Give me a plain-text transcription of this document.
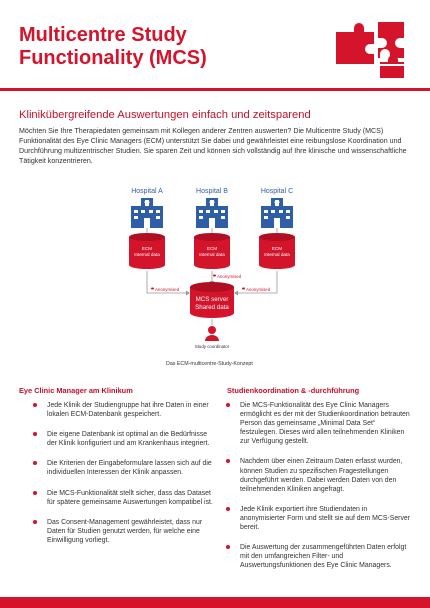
Multicentre Study
Functionality (MCS)
Klinikübergreifende Auswertungen einfach und zeitsparend
Möchten Sie Ihre Therapiedaten gemeinsam mit Kollegen anderer Zentren auswerten? Die Multicentre Study (MCS) Funktionalität des Eye Clinic Managers (ECM) unterstützt Sie dabei und gewährleistet eine reibungslose Koordination und Durchführung multizentrischer Studien. Sie sparen Zeit und können sich vollständig auf Ihre klinische und wissenschaftliche Tätigkeit konzentrieren.
Hospital A	Hospital B	Hospital C
ECM
Internal data
ECM
Internal data
ECM
Internal data
Anonymised
Anonymised	Anonymised
MCS server
Shared data
Study coordinator
Das ECM-multicentre-Study-Konzept
Eye Clinic Manager am Klinikum
Jede Klinik der Studiengruppe hat ihre Daten in einer lokalen ECM-Datenbank gespeichert.
Die eigene Datenbank ist optimal an die Bedürfnisse der Klinik konfiguriert und am Krankenhaus integriert.
Die Kriterien der Eingabeformulare lassen sich auf die individuellen Interessen der Klinik anpassen.
Die MCS-Funktionalität stellt sicher, dass das Dataset für spätere gemeinsame Auswertungen kompatibel ist.
Das Consent-Management gewährleistet, dass nur Daten für Studien genutzt werden, für welche eine Einwilligung vorliegt.
Studienkoordination & -durchführung
Die MCS-Funktionalität des Eye Clinic Managers ermöglicht es der mit der Studienkoordination betrauten Person das gemeinsame „Minimal Data Set“ festzulegen. Dieses wird allen teilnehmenden Kliniken zur Verfügung gestellt.
Nachdem über einen Zeitraum Daten erfasst wurden, können Studien zu spezifischen Fragestellungen durchgeführt werden. Dabei werden Daten von den teilnehmenden Kliniken angefragt.
Jede Klinik exportiert ihre Studiendaten in anonymisierter Form und stellt sie auf dem MCS-Server bereit.
Die Auswertung der zusammengeführten Daten erfolgt mit den umfangreichen Filter- und Auswertungsfunktionen des Eye Clinic Managers.
